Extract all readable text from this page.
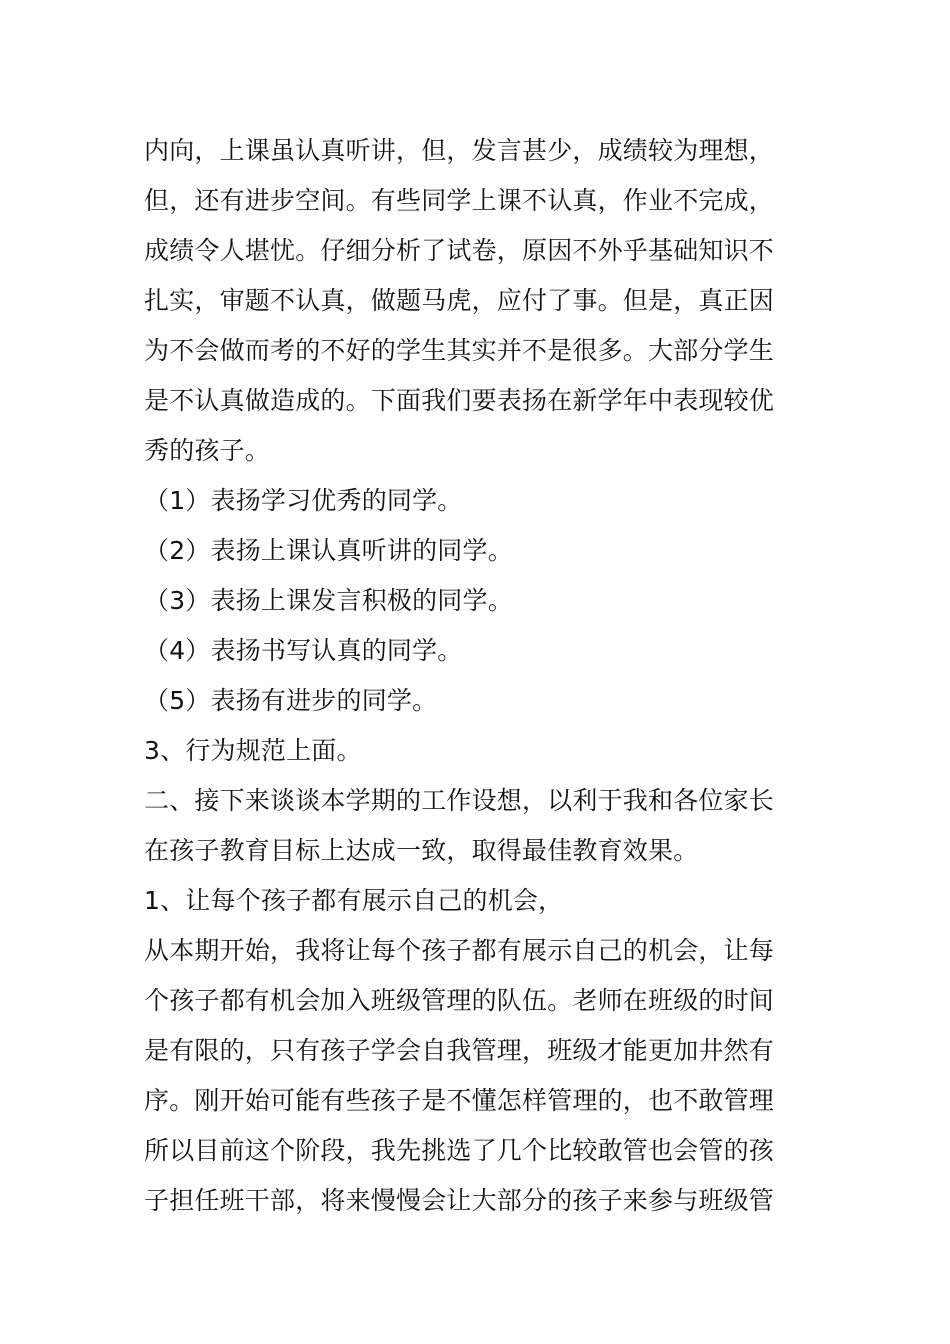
内向，上课虽认真听讲，但，发言甚少，成绩较为理想，
但，还有进步空间。有些同学上课不认真，作业不完成，
成绩令人堪忧。仔细分析了试卷，原因不外乎基础知识不
扎实，审题不认真，做题马虎，应付了事。但是，真正因
为不会做而考的不好的学生其实并不是很多。大部分学生
是不认真做造成的。下面我们要表扬在新学年中表现较优
秀的孩子。
（1）表扬学习优秀的同学。
（2）表扬上课认真听讲的同学。
（3）表扬上课发言积极的同学。
（4）表扬书写认真的同学。
（5）表扬有进步的同学。
3、行为规范上面。
二、接下来谈谈本学期的工作设想，以利于我和各位家长
在孩子教育目标上达成一致，取得最佳教育效果。
1、让每个孩子都有展示自己的机会，
从本期开始，我将让每个孩子都有展示自己的机会，让每
个孩子都有机会加入班级管理的队伍。老师在班级的时间
是有限的，只有孩子学会自我管理，班级才能更加井然有
序。刚开始可能有些孩子是不懂怎样管理的，也不敢管理
所以目前这个阶段，我先挑选了几个比较敢管也会管的孩
子担任班干部，将来慢慢会让大部分的孩子来参与班级管
